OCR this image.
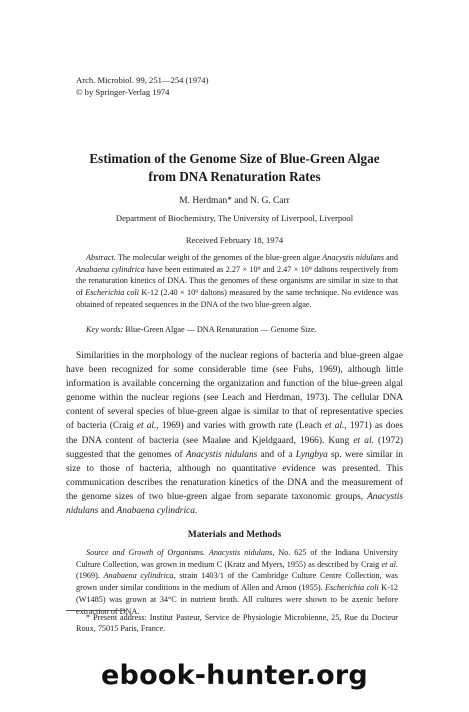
Arch. Microbiol. 99, 251—254 (1974)
© by Springer-Verlag 1974
Estimation of the Genome Size of Blue-Green Algae
from DNA Renaturation Rates
M. Herdman* and N. G. Carr
Department of Biochemistry, The University of Liverpool, Liverpool
Received February 18, 1974

Abstract. The molecular weight of the genomes of the blue-green algae Anacystis nidulans and Anabaena cylindrica have been estimated as 2.27 × 10⁹ and 2.47 × 10⁹ daltons respectively from the renaturation kinetics of DNA. Thus the genomes of these organisms are similar in size to that of Escherichia coli K-12 (2.40 × 10⁹ daltons) measured by the same technique. No evidence was obtained of repeated sequences in the DNA of the two blue-green algae.

Key words: Blue-Green Algae — DNA Renaturation — Genome Size.

Similarities in the morphology of the nuclear regions of bacteria and blue-green algae have been recognized for some considerable time (see Fuhs, 1969), although little information is available concerning the organization and function of the blue-green algal genome within the nuclear regions (see Leach and Herdman, 1973). The cellular DNA content of several species of blue-green algae is similar to that of representative species of bacteria (Craig et al., 1969) and varies with growth rate (Leach et al., 1971) as does the DNA content of bacteria (see Maaløe and Kjeldgaard, 1966). Kung et al. (1972) suggested that the genomes of Anacystis nidulans and of a Lyngbya sp. were similar in size to those of bacteria, although no quantitative evidence was presented. This communication describes the renaturation kinetics of the DNA and the measurement of the genome sizes of two blue-green algae from separate taxonomic groups, Anacystis nidulans and Anabaena cylindrica.

Materials and Methods

Source and Growth of Organisms. Anacystis nidulans, No. 625 of the Indiana University Culture Collection, was grown in medium C (Kratz and Myers, 1955) as described by Craig et al. (1969). Anabaena cylindrica, strain 1403/1 of the Cambridge Culture Centre Collection, was grown under similar conditions in the medium of Allen and Arnon (1955). Escherichia coli K-12 (W1485) was grown at 34°C in nutrient broth. All cultures were shown to be axenic before extraction of DNA.

* Present address: Institut Pasteur, Service de Physiologie Microbienne, 25, Rue du Docteur Roux, 75015 Paris, France.

ebook-hunter.org
